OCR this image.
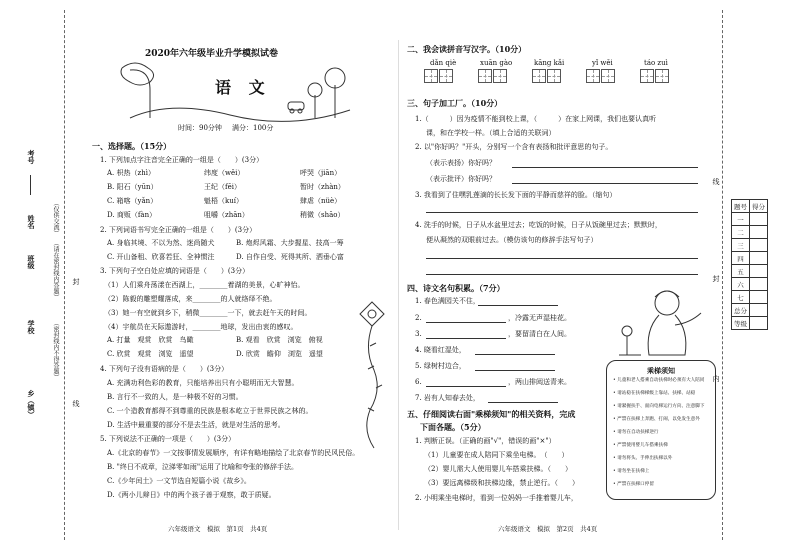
考号
姓名	（仅供交流）
班级	（请在密封线内答题）
学校	（密封线内不得答题）
乡（镇）
封
线
2020年六年级毕业升学模拟试卷
语 文
时间：90分钟 满分：100分
一、选择题。（15分）
1. 下列加点字注音完全正确的一组是（　　）(3分）
A. 枳热（zhì）	纬度（wěi）	呼哭（jiān）
B. 阳石（yūn）	王纪（fēi）	暂时（zhàn）
C. 箱喀（yǎn）	魁梧（kuí）	肆虐（nüè）
D. 商贩（fàn）	咀嚼（zhān）	稍微（shāo）
2. 下列词语书写完全正确的一组是（　　）(3分）
A. 身临其境、不以为然、迷尚随犬	B. 炮烬风霜、大步握星、技高一筹
C. 开山备租、欣喜若狂、全神惯注	D. 自作自受、死得其所、洒垂心富
3. 下列句子空白处应填的词语是（　　）(3分）
（1）人们乘舟荡漾在西湖上，________着湖的美景，心旷神怡。
（2）陈毅的雕塑耀落成，来________的人就络绎不绝。
（3）她一有空就到乡下，稍微________一下，就去赶午天的时间。
（4）宇航员在天际遨游时，________地球，发出由衷的感叹。
A. 打量　观赏　欣赏　鸟瞰	B. 观看　欣赏　浏览　俯视
C. 欣赏　观赏　浏览　遥望	D. 欣赏　瞻仰　浏览　遥望
4. 下列句子没有语病的是（　　）(3分）
A. 充满功利色彩的教育，只能培养出只有小聪明而无大智慧。
B. 言行不一致的人，是一种极不好的习惯。
C. 一个造教育都得不到尊重的民族是根本屹立于世界民族之林的。
D. 生活中最重要的部分不是去生活，就是对生活的思考。
5. 下列说法不正确的一项是（　　）(3分）
A.《北京的春节》一文按事情发展顺序，有详有略地描绘了北京春节的民风民俗。
B. "终日不成章，泣涕零如雨"运用了比喻和夸张的修辞手法。
C.《少年闰土》一文节选自短篇小说《故乡》。
D.《两小儿辩日》中的两个孩子善于观察，敢于质疑。
六年级语文　模拟　第1页　共4页
二、我会读拼音写汉字。（10分）
dǎn qiè	xuān gào	kāng kǎi	yǐ wěi	táo zuì
三、句子加工厂。（10分）
1.（　　　）因为疫情不能到校上课，（　　　）在家上网课，我们也要认真听
课，和在学校一样。（填上合适的关联词）
2. 以"你好吗？"开头，分别写一个含有表扬和批评意思的句子。
（表示表扬）你好吗？
（表示批评）你好吗？
3. 我看到了住嘿乳莲滴的长长发下面的平静而慈祥的脸。（缩句）
4. 洗手的时候，日子从水盆里过去；吃饭的时候，日子从饭碗里过去；默默时，
便从凝然的双眼前过去。（模仿该句的修辞手法写句子）
四、诗文名句积累。（7分）
1. 春色满园关不住，
2.	，冷露无声湿桂花。
3.	，要留清白在人间。
4. 晓看红湿处，
5. 绿树村边合，
6.	，两山排闼送青来。
7. 岩有人知春去处，
五、仔细阅读右面"乘梯须知"的相关资料，完成
下面各题。（5分）
1. 判断正误。（正确的画"√"，错误的画"×"）
（1）儿童要在成人陪同下乘坐电梯。　（　　）
（2）婴儿需大人使用婴儿车搭乘扶梯。（　　）
（3）要远离梯级和扶梯边缘，禁止逆行。（　　）
2. 小明乘坐电梯时，看到一位妈妈一手推着婴儿车，
六年级语文　模拟　第2页　共4页
乘梯须知
• 儿童和老人搭乘自动扶梯时必须有大人陪同
• 请站稳在扶梯梯级上靠站、扶梯、站稳
• 请紧握扶手、面向电梯运行方向、注意脚下
• 严禁在扶梯上奔跑、打闹，以免发生意外
• 请勿在自动扶梯逆行
• 严禁使用婴儿车搭乘扶梯
• 请勿将头、手伸出扶梯以外
• 请勿坐在扶梯上
• 严禁在扶梯口停留
线
封
内
题号	得分
一	
二	
三	
四	
五	
六	
七	
总分	
等级	
